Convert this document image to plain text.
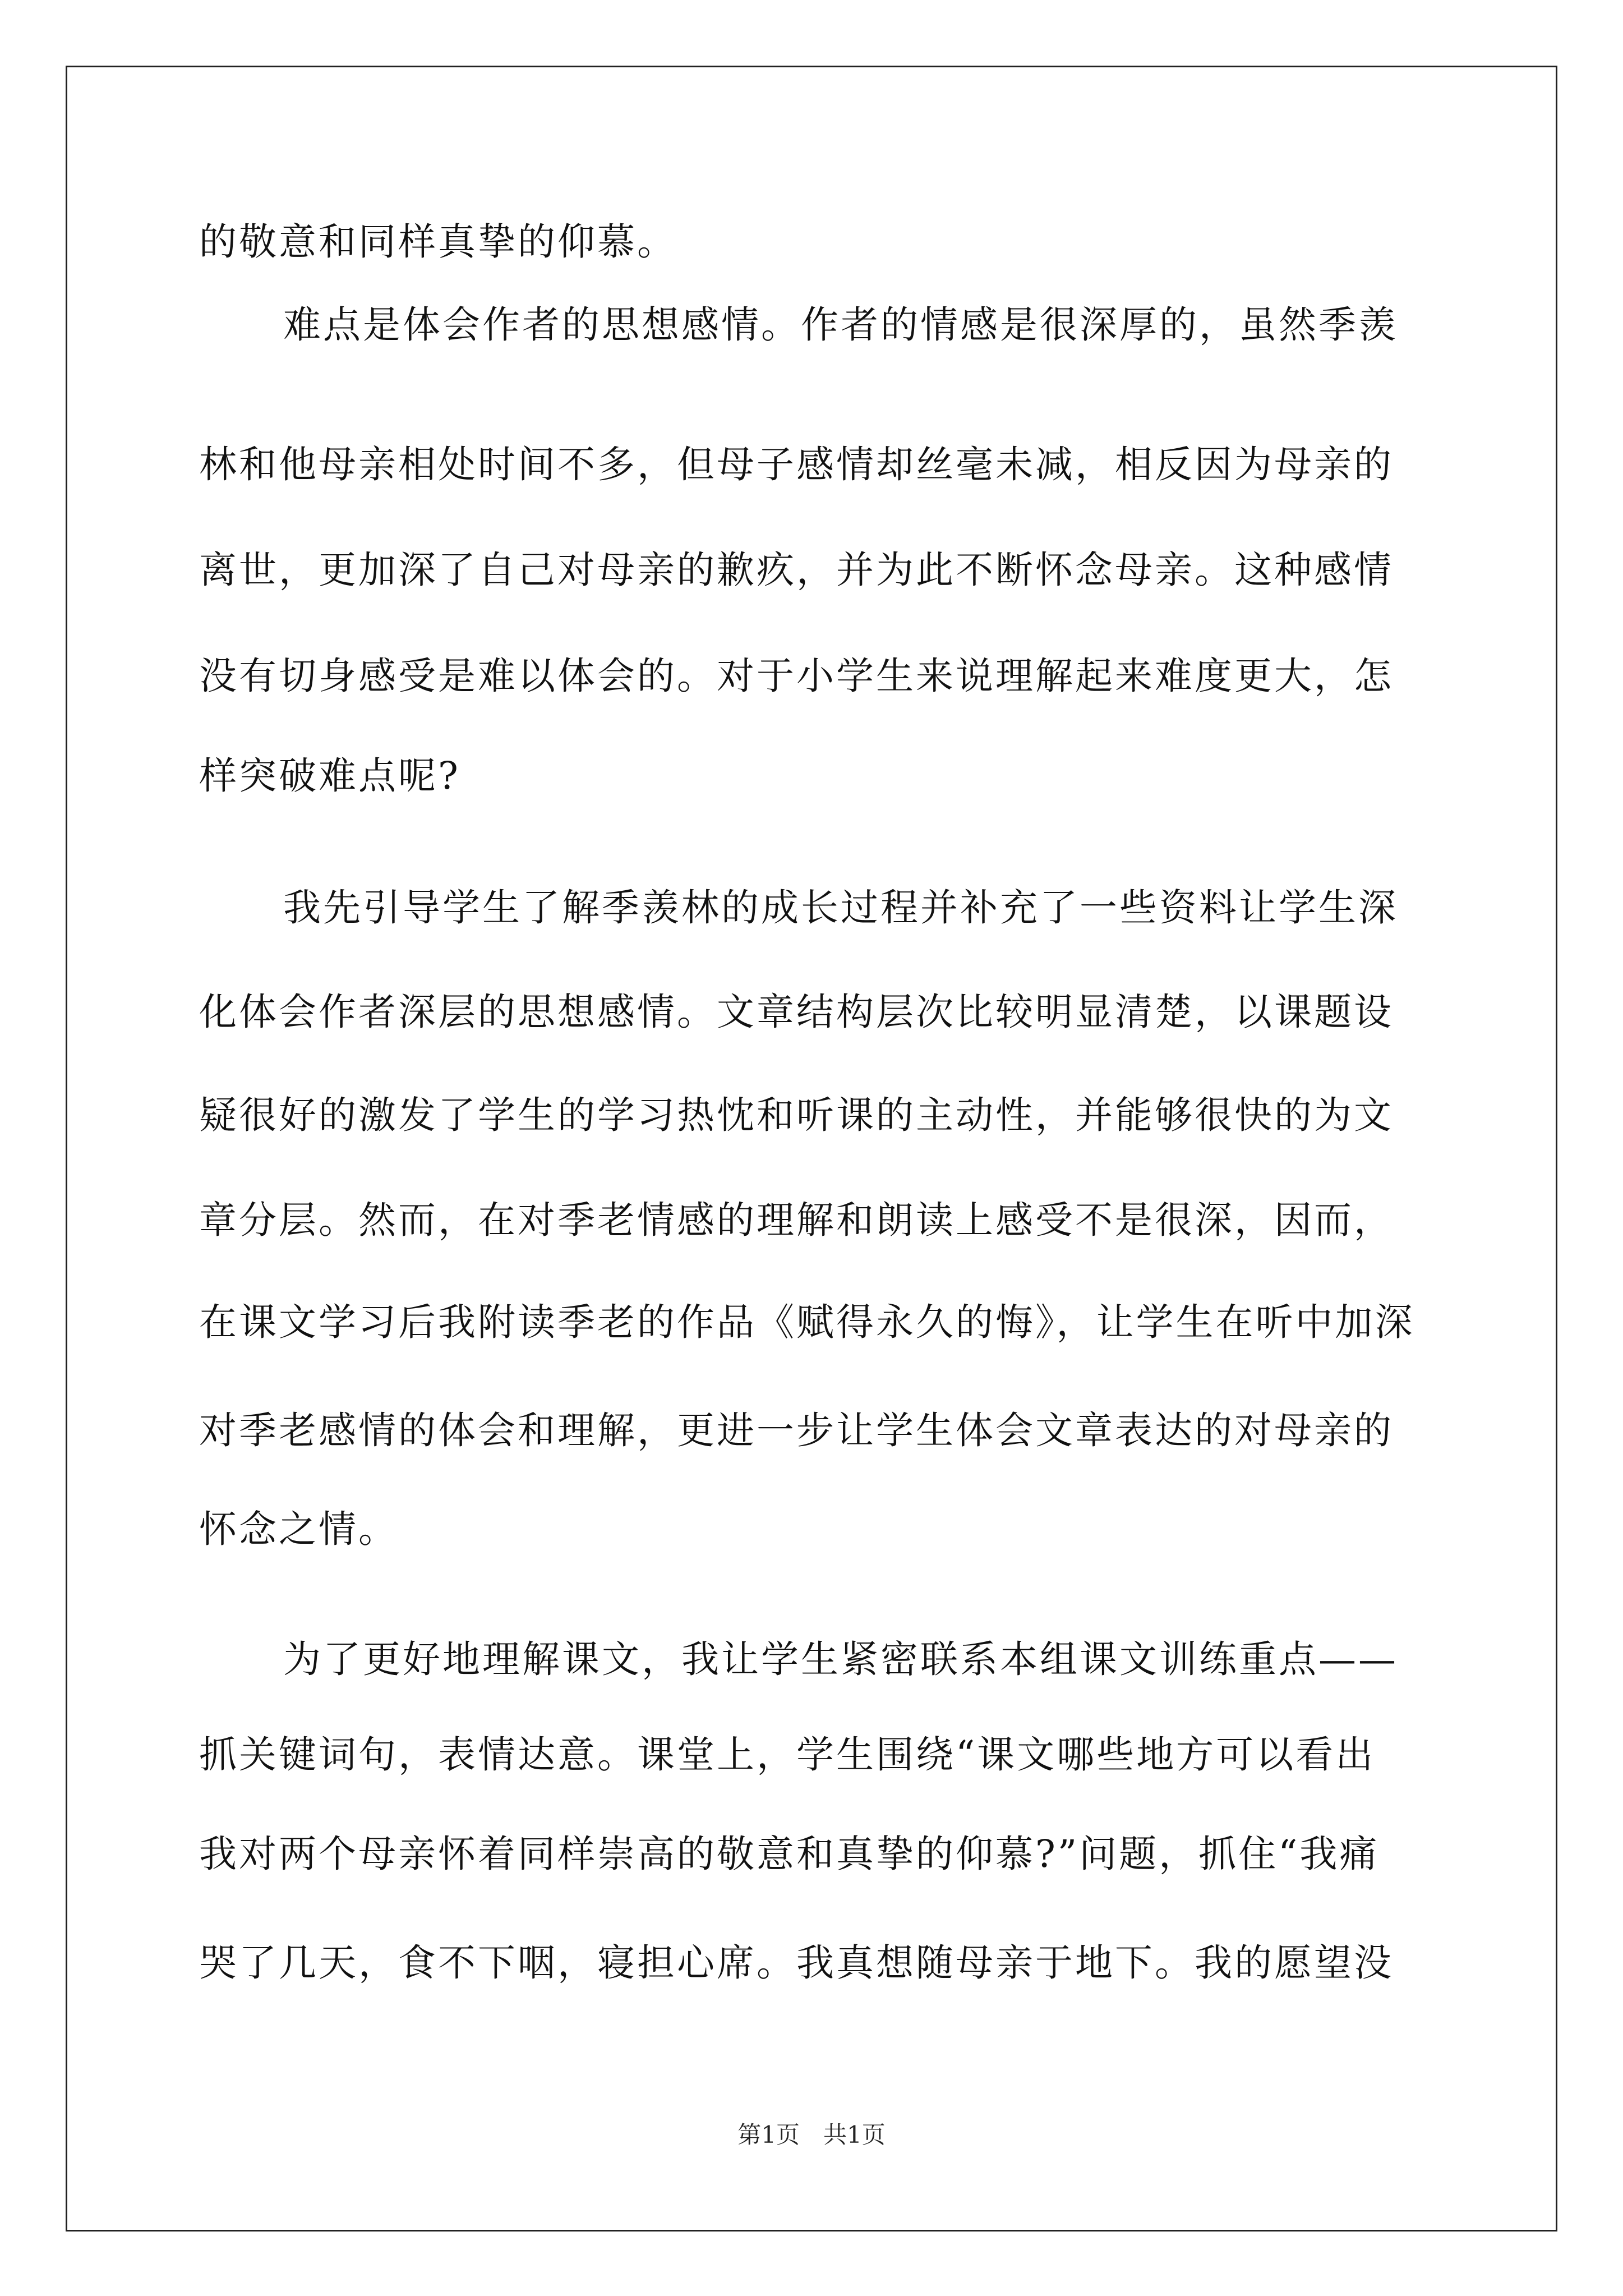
的敬意和同样真挚的仰慕。
难点是体会作者的思想感情。作者的情感是很深厚的，虽然季羡
林和他母亲相处时间不多，但母子感情却丝毫未减，相反因为母亲的
离世，更加深了自己对母亲的歉疚，并为此不断怀念母亲。这种感情
没有切身感受是难以体会的。对于小学生来说理解起来难度更大，怎
样突破难点呢?
我先引导学生了解季羡林的成长过程并补充了一些资料让学生深
化体会作者深层的思想感情。文章结构层次比较明显清楚，以课题设
疑很好的激发了学生的学习热忱和听课的主动性，并能够很快的为文
章分层。然而，在对季老情感的理解和朗读上感受不是很深，因而，
在课文学习后我附读季老的作品《赋得永久的悔》，让学生在听中加深
对季老感情的体会和理解，更进一步让学生体会文章表达的对母亲的
怀念之情。
为了更好地理解课文，我让学生紧密联系本组课文训练重点——
抓关键词句，表情达意。课堂上，学生围绕“课文哪些地方可以看出
我对两个母亲怀着同样崇高的敬意和真挚的仰慕?”问题，抓住“我痛
哭了几天，食不下咽，寝担心席。我真想随母亲于地下。我的愿望没
第1页　共1页
